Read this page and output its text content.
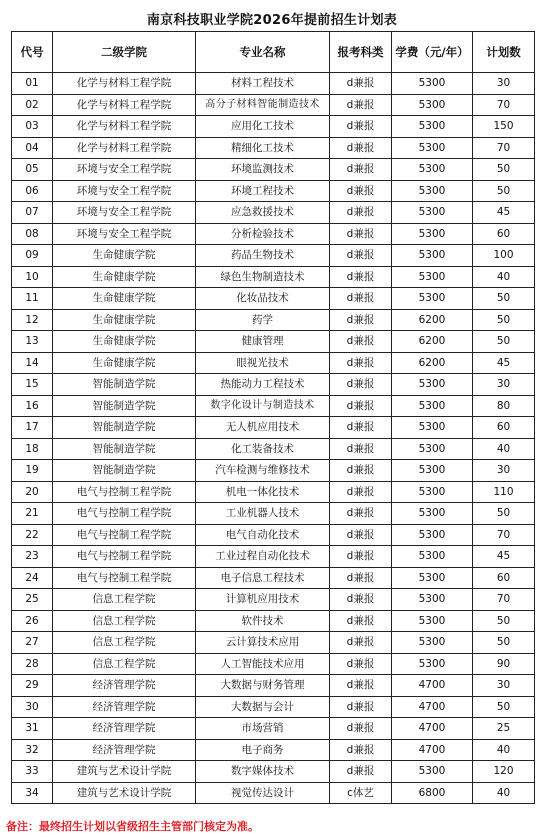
南京科技职业学院2026年提前招生计划表
代号	二级学院	专业名称	报考科类	学费（元/年）	计划数
01	化学与材料工程学院	材料工程技术	d兼报	5300	30
02	化学与材料工程学院	高分子材料智能制造技术	d兼报	5300	70
03	化学与材料工程学院	应用化工技术	d兼报	5300	150
04	化学与材料工程学院	精细化工技术	d兼报	5300	70
05	环境与安全工程学院	环境监测技术	d兼报	5300	50
06	环境与安全工程学院	环境工程技术	d兼报	5300	50
07	环境与安全工程学院	应急救援技术	d兼报	5300	45
08	环境与安全工程学院	分析检验技术	d兼报	5300	60
09	生命健康学院	药品生物技术	d兼报	5300	100
10	生命健康学院	绿色生物制造技术	d兼报	5300	40
11	生命健康学院	化妆品技术	d兼报	5300	50
12	生命健康学院	药学	d兼报	6200	50
13	生命健康学院	健康管理	d兼报	6200	50
14	生命健康学院	眼视光技术	d兼报	6200	45
15	智能制造学院	热能动力工程技术	d兼报	5300	30
16	智能制造学院	数字化设计与制造技术	d兼报	5300	80
17	智能制造学院	无人机应用技术	d兼报	5300	60
18	智能制造学院	化工装备技术	d兼报	5300	40
19	智能制造学院	汽车检测与维修技术	d兼报	5300	30
20	电气与控制工程学院	机电一体化技术	d兼报	5300	110
21	电气与控制工程学院	工业机器人技术	d兼报	5300	50
22	电气与控制工程学院	电气自动化技术	d兼报	5300	70
23	电气与控制工程学院	工业过程自动化技术	d兼报	5300	45
24	电气与控制工程学院	电子信息工程技术	d兼报	5300	60
25	信息工程学院	计算机应用技术	d兼报	5300	70
26	信息工程学院	软件技术	d兼报	5300	50
27	信息工程学院	云计算技术应用	d兼报	5300	50
28	信息工程学院	人工智能技术应用	d兼报	5300	90
29	经济管理学院	大数据与财务管理	d兼报	4700	30
30	经济管理学院	大数据与会计	d兼报	4700	50
31	经济管理学院	市场营销	d兼报	4700	25
32	经济管理学院	电子商务	d兼报	4700	40
33	建筑与艺术设计学院	数字媒体技术	d兼报	5300	120
34	建筑与艺术设计学院	视觉传达设计	c体艺	6800	40
备注：最终招生计划以省级招生主管部门核定为准。
